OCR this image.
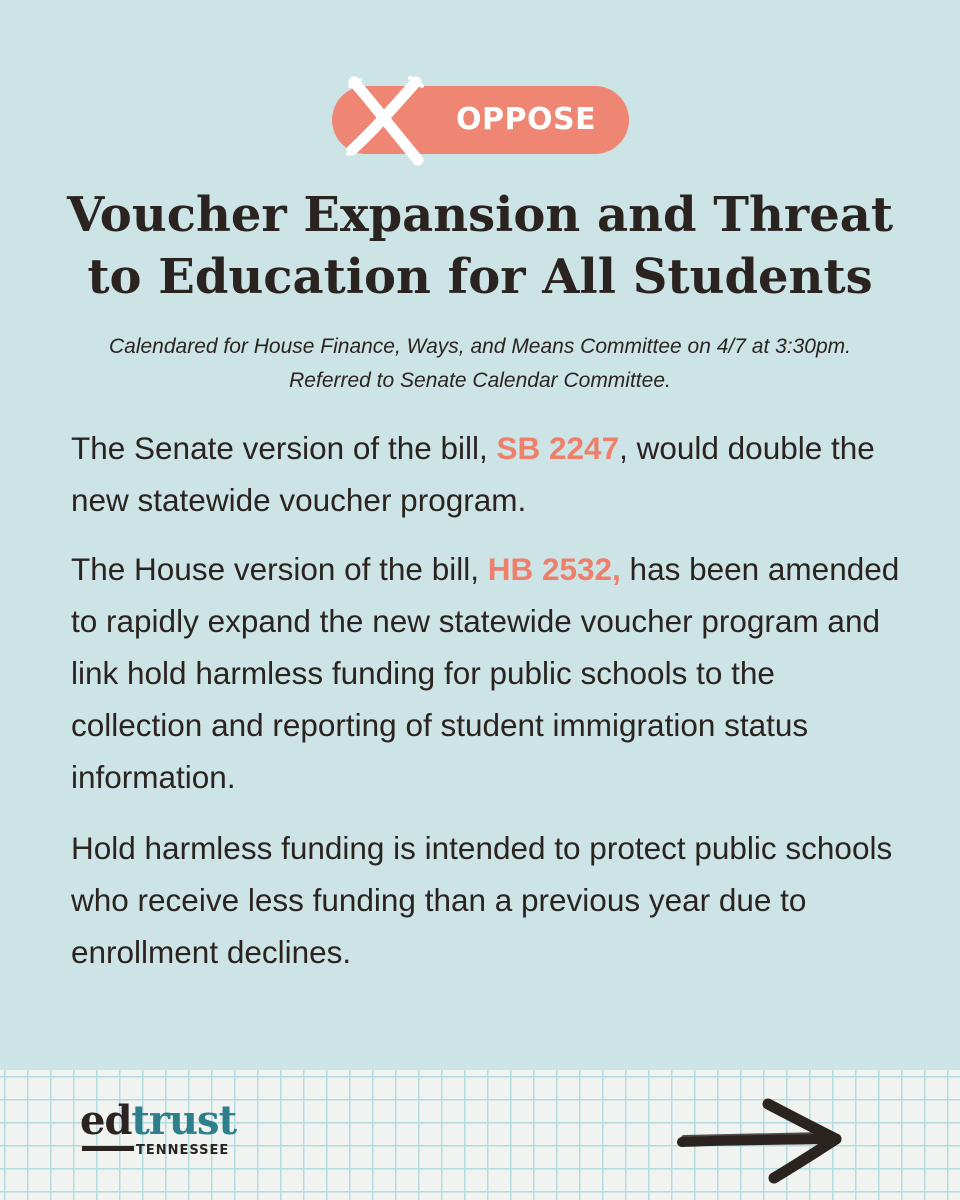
OPPOSE
Voucher Expansion and Threat
to Education for All Students
Calendared for House Finance, Ways, and Means Committee on 4/7 at 3:30pm.
Referred to Senate Calendar Committee.

The Senate version of the bill, SB 2247, would double the new statewide voucher program.

The House version of the bill, HB 2532, has been amended to rapidly expand the new statewide voucher program and link hold harmless funding for public schools to the collection and reporting of student immigration status information.

Hold harmless funding is intended to protect public schools who receive less funding than a previous year due to enrollment declines.

edtrust
TENNESSEE
